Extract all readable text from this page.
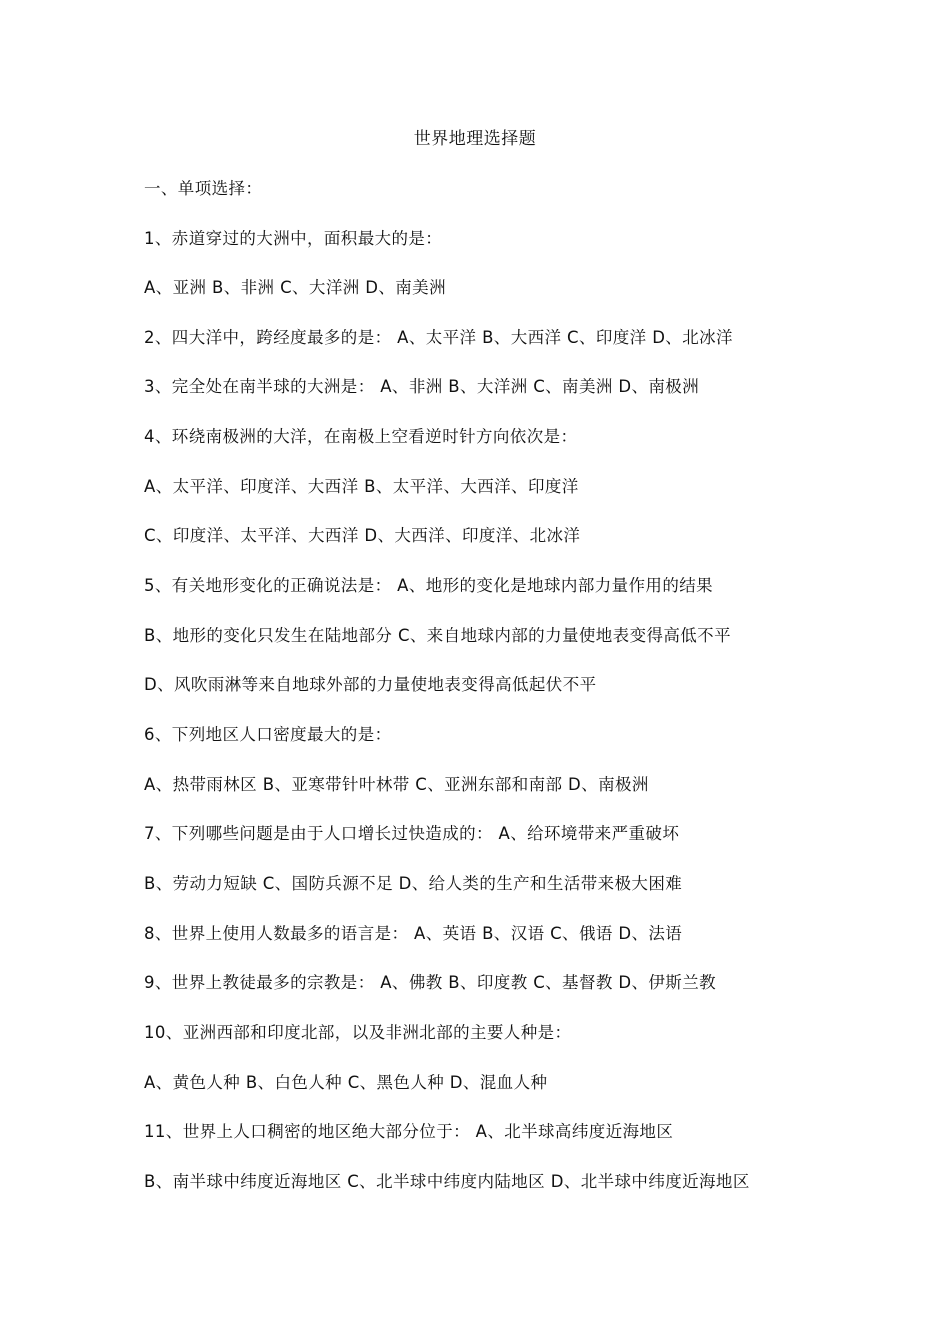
世界地理选择题
一、单项选择：
1、赤道穿过的大洲中，面积最大的是：
A、亚洲 B、非洲 C、大洋洲 D、南美洲
2、四大洋中，跨经度最多的是： A、太平洋 B、大西洋 C、印度洋 D、北冰洋
3、完全处在南半球的大洲是： A、非洲 B、大洋洲 C、南美洲 D、南极洲
4、环绕南极洲的大洋，在南极上空看逆时针方向依次是：
A、太平洋、印度洋、大西洋 B、太平洋、大西洋、印度洋
C、印度洋、太平洋、大西洋 D、大西洋、印度洋、北冰洋
5、有关地形变化的正确说法是： A、地形的变化是地球内部力量作用的结果
B、地形的变化只发生在陆地部分 C、来自地球内部的力量使地表变得高低不平
D、风吹雨淋等来自地球外部的力量使地表变得高低起伏不平
6、下列地区人口密度最大的是：
A、热带雨林区 B、亚寒带针叶林带 C、亚洲东部和南部 D、南极洲
7、下列哪些问题是由于人口增长过快造成的： A、给环境带来严重破坏
B、劳动力短缺 C、国防兵源不足 D、给人类的生产和生活带来极大困难
8、世界上使用人数最多的语言是： A、英语 B、汉语 C、俄语 D、法语
9、世界上教徒最多的宗教是： A、佛教 B、印度教 C、基督教 D、伊斯兰教
10、亚洲西部和印度北部，以及非洲北部的主要人种是：
A、黄色人种 B、白色人种 C、黑色人种 D、混血人种
11、世界上人口稠密的地区绝大部分位于： A、北半球高纬度近海地区
B、南半球中纬度近海地区 C、北半球中纬度内陆地区 D、北半球中纬度近海地区
